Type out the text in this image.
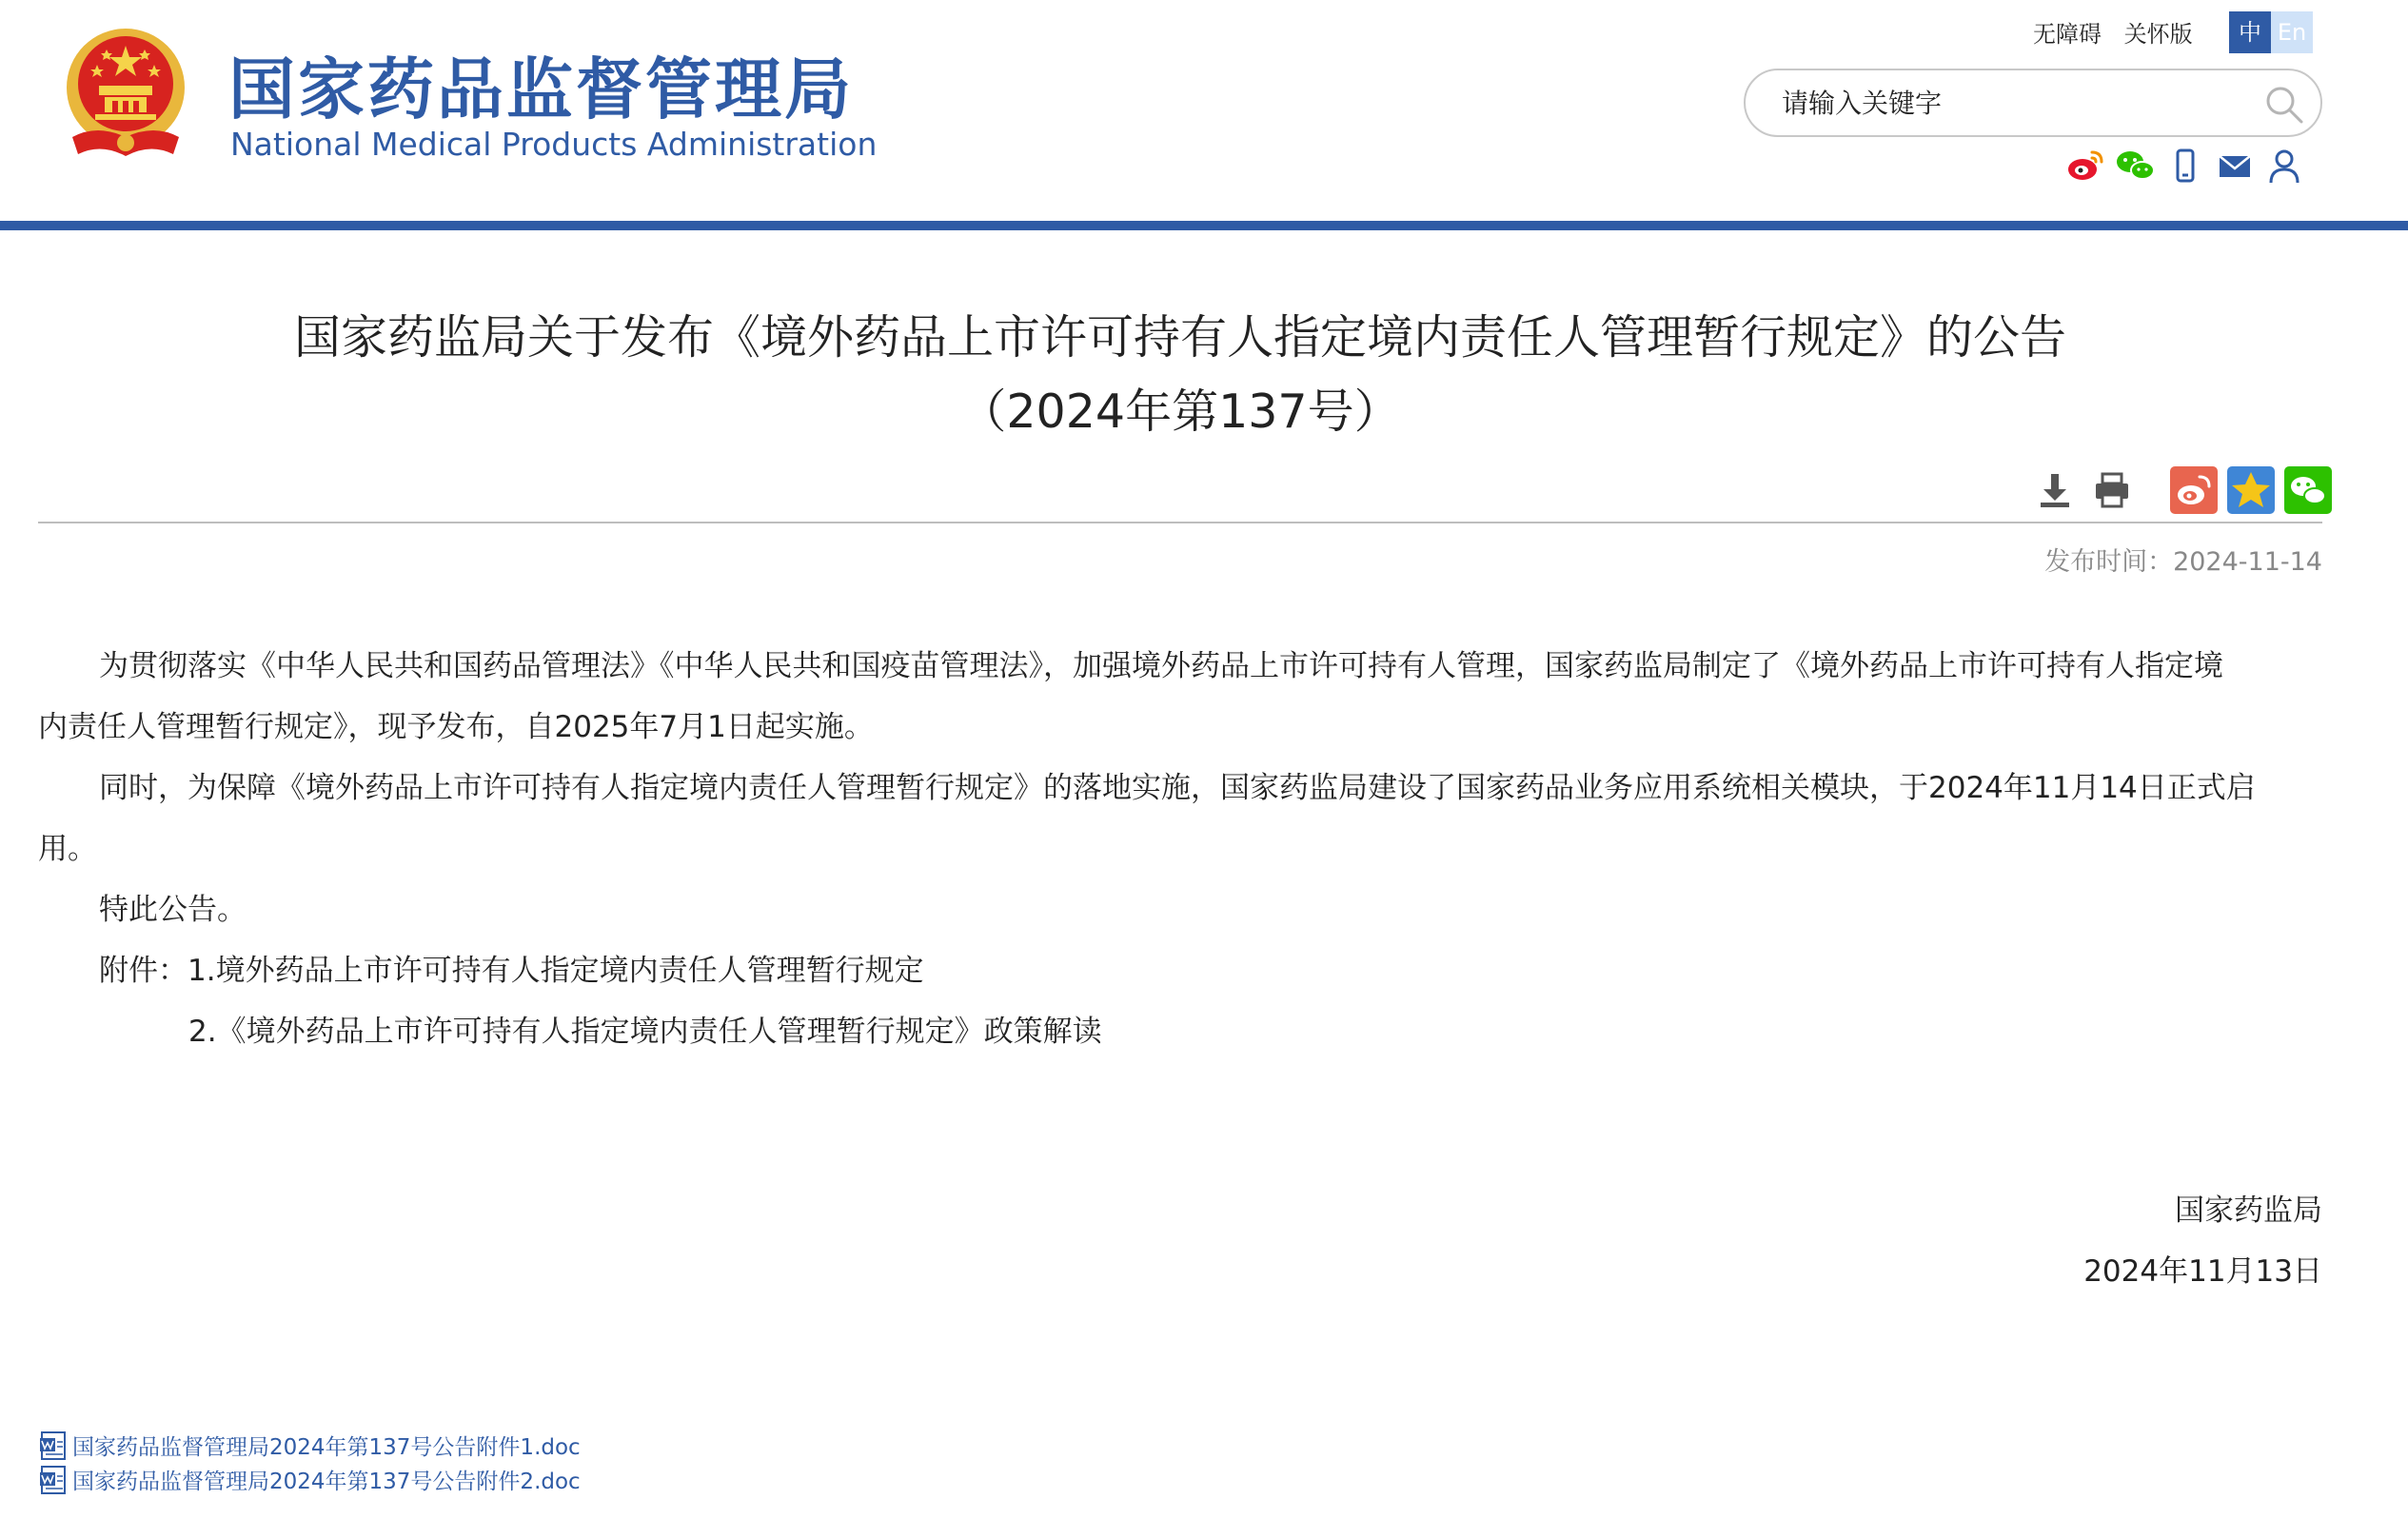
国家药品监督管理局
National Medical Products Administration
无障碍 关怀版	中 En
请输入关键字
国家药监局关于发布《境外药品上市许可持有人指定境内责任人管理暂行规定》的公告
（2024年第137号）
发布时间：2024-11-14
为贯彻落实《中华人民共和国药品管理法》《中华人民共和国疫苗管理法》，加强境外药品上市许可持有人管理，国家药监局制定了《境外药品上市许可持有人指定境
内责任人管理暂行规定》，现予发布，自2025年7月1日起实施。
同时，为保障《境外药品上市许可持有人指定境内责任人管理暂行规定》的落地实施，国家药监局建设了国家药品业务应用系统相关模块，于2024年11月14日正式启
用。
特此公告。
附件：1.境外药品上市许可持有人指定境内责任人管理暂行规定
2.《境外药品上市许可持有人指定境内责任人管理暂行规定》政策解读
国家药监局
2024年11月13日
国家药品监督管理局2024年第137号公告附件1.doc
国家药品监督管理局2024年第137号公告附件2.doc
